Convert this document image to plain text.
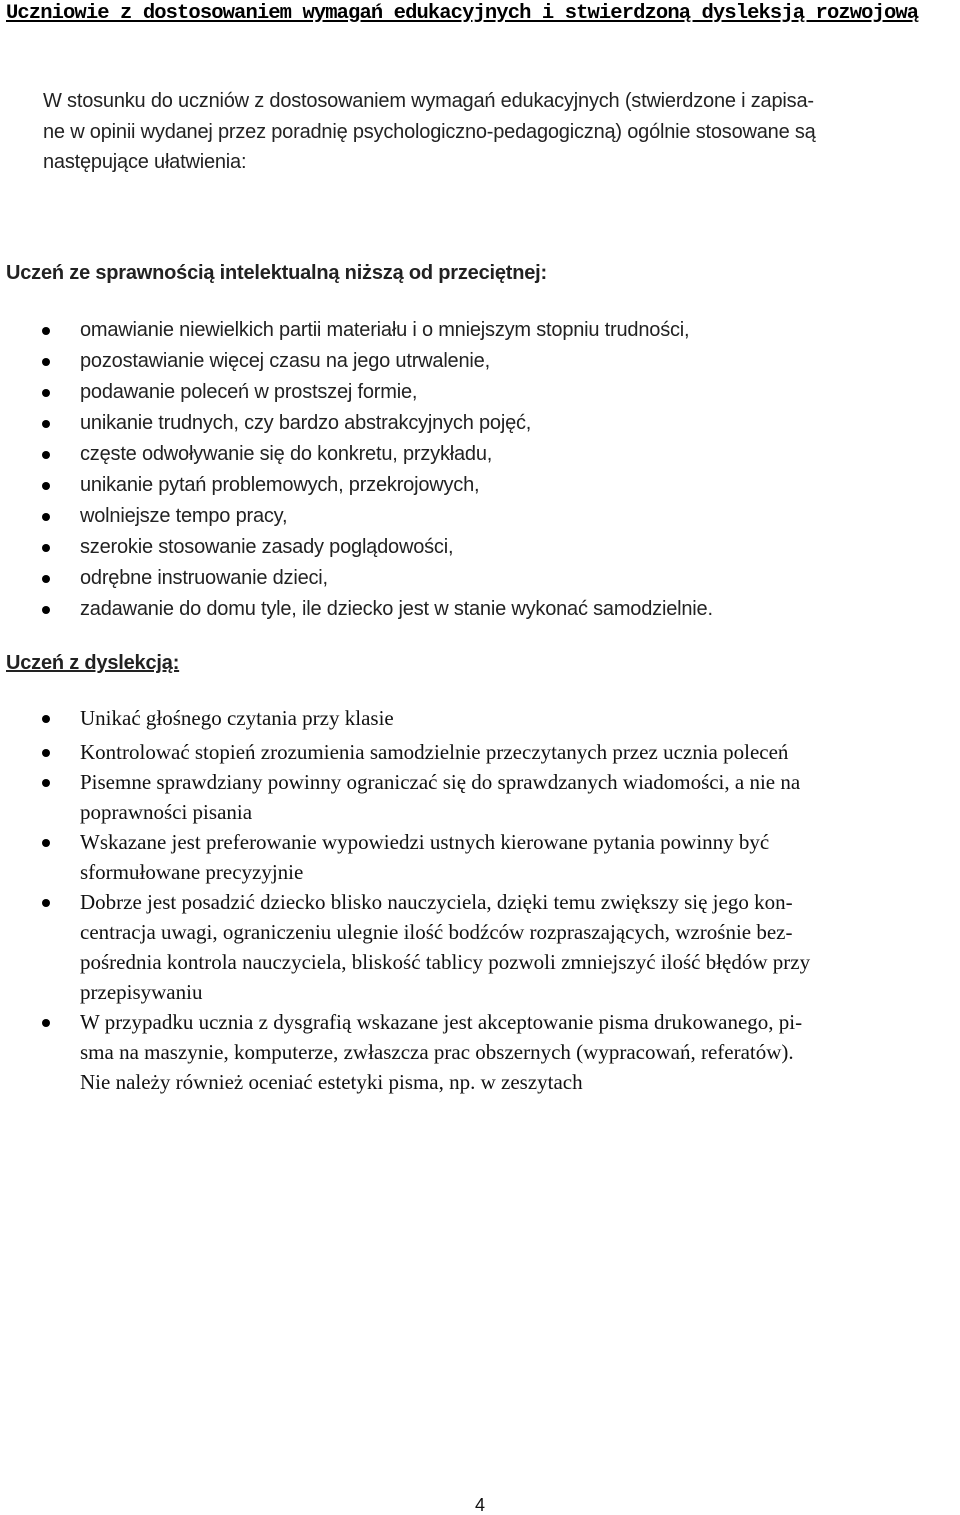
Uczniowie z dostosowaniem wymagań edukacyjnych i stwierdzoną dysleksją rozwojową

W stosunku do uczniów z dostosowaniem wymagań edukacyjnych (stwierdzone i zapisa-
ne w opinii wydanej przez poradnię psychologiczno-pedagogiczną) ogólnie stosowane są
następujące ułatwienia:

Uczeń ze sprawnością intelektualną niższą od przeciętnej:
omawianie niewielkich partii materiału i o mniejszym stopniu trudności,
pozostawianie więcej czasu na jego utrwalenie,
podawanie poleceń w prostszej formie,
unikanie trudnych, czy bardzo abstrakcyjnych pojęć,
częste odwoływanie się do konkretu, przykładu,
unikanie pytań problemowych, przekrojowych,
wolniejsze tempo pracy,
szerokie stosowanie zasady poglądowości,
odrębne instruowanie dzieci,
zadawanie do domu tyle, ile dziecko jest w stanie wykonać samodzielnie.
Uczeń z dyslekcją:
Unikać głośnego czytania przy klasie
Kontrolować stopień zrozumienia samodzielnie przeczytanych przez ucznia poleceń
Pisemne sprawdziany powinny ograniczać się do sprawdzanych wiadomości, a nie na
poprawności pisania
Wskazane jest preferowanie wypowiedzi ustnych kierowane pytania powinny być
sformułowane precyzyjnie
Dobrze jest posadzić dziecko blisko nauczyciela, dzięki temu zwiększy się jego kon-
centracja uwagi, ograniczeniu ulegnie ilość bodźców rozpraszających, wzrośnie bez-
pośrednia kontrola nauczyciela, bliskość tablicy pozwoli zmniejszyć ilość błędów przy
przepisywaniu
W przypadku ucznia z dysgrafią wskazane jest akceptowanie pisma drukowanego, pi-
sma na maszynie, komputerze, zwłaszcza prac obszernych (wypracowań, referatów).
Nie należy również oceniać estetyki pisma, np. w zeszytach

4
